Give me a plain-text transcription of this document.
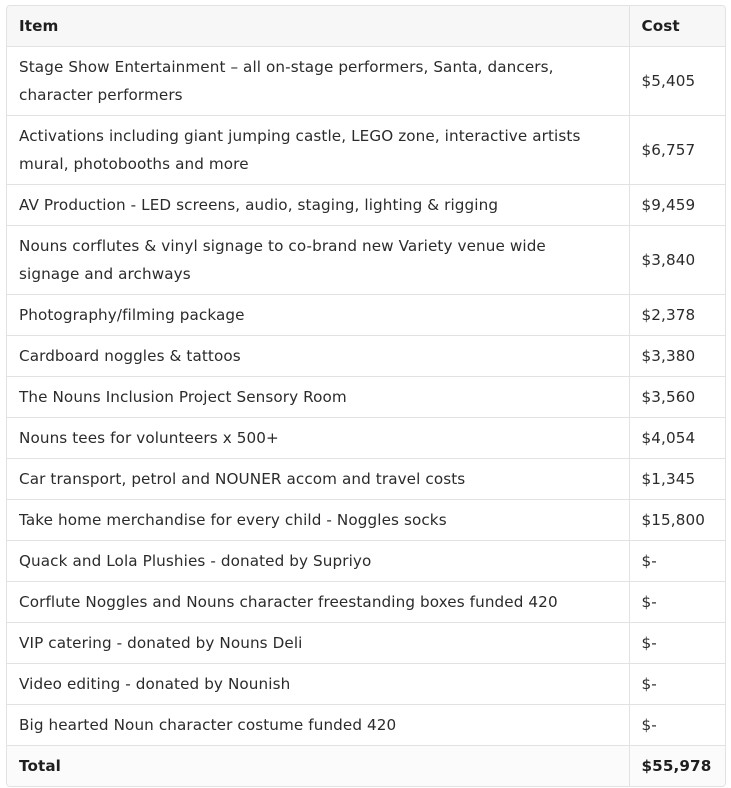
Item	Cost
Stage Show Entertainment – all on-stage performers, Santa, dancers, character performers	$5,405
Activations including giant jumping castle, LEGO zone, interactive artists mural, photobooths and more	$6,757
AV Production - LED screens, audio, staging, lighting & rigging	$9,459
Nouns corflutes & vinyl signage to co-brand new Variety venue wide signage and archways	$3,840
Photography/filming package	$2,378
Cardboard noggles & tattoos	$3,380
The Nouns Inclusion Project Sensory Room	$3,560
Nouns tees for volunteers x 500+	$4,054
Car transport, petrol and NOUNER accom and travel costs	$1,345
Take home merchandise for every child - Noggles socks	$15,800
Quack and Lola Plushies - donated by Supriyo	$-
Corflute Noggles and Nouns character freestanding boxes funded 420	$-
VIP catering - donated by Nouns Deli	$-
Video editing - donated by Nounish	$-
Big hearted Noun character costume funded 420	$-
Total	$55,978
